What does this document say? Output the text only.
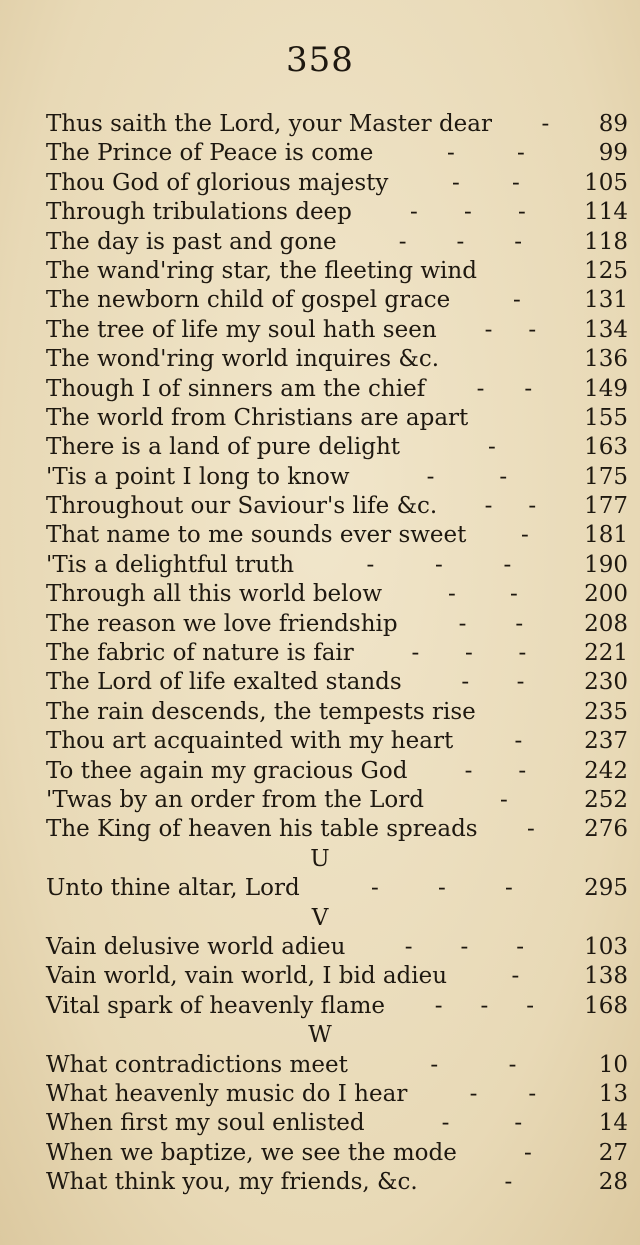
358
Thus saith the Lord, your Master dear - 89
The Prince of Peace is come	-	-	99
Thou God of glorious majesty	- -	105
Through tribulations deep	- - -	114
The day is past and gone	- - -	118
The wand'ring star, the fleeting wind	125
The newborn child of gospel grace	-	131
The tree of life my soul hath seen - - 134
The wond'ring world inquires &c.	136
Though I of sinners am the chief - - 149
The world from Christians are apart	155
There is a land of pure delight	-	163
'Tis a point I long to know	-	-	175
Throughout our Saviour's life &c. - - 177
That name to me sounds ever sweet - 181
'Tis a delightful truth	-	-	-	190
Through all this world below	- -	200
The reason we love friendship	- -	208
The fabric of nature is fair	- - -	221
The Lord of life exalted stands	- -	230
The rain descends, the tempests rise	235
Thou art acquainted with my heart	-	237
To thee again my gracious God - -	242
'Twas by an order from the Lord	-	252
The King of heaven his table spreads - 276
U
Unto thine altar, Lord	-	-	-	295
V
Vain delusive world adieu	- - -	103
Vain world, vain world, I bid adieu	-	138
Vital spark of heavenly flame - - - 168
W
What contradictions meet	-	-	10
What heavenly music do I hear	- -	13
When first my soul enlisted	-	-	14
When we baptize, we see the mode	-	27
What think you, my friends, &c.	-	28
